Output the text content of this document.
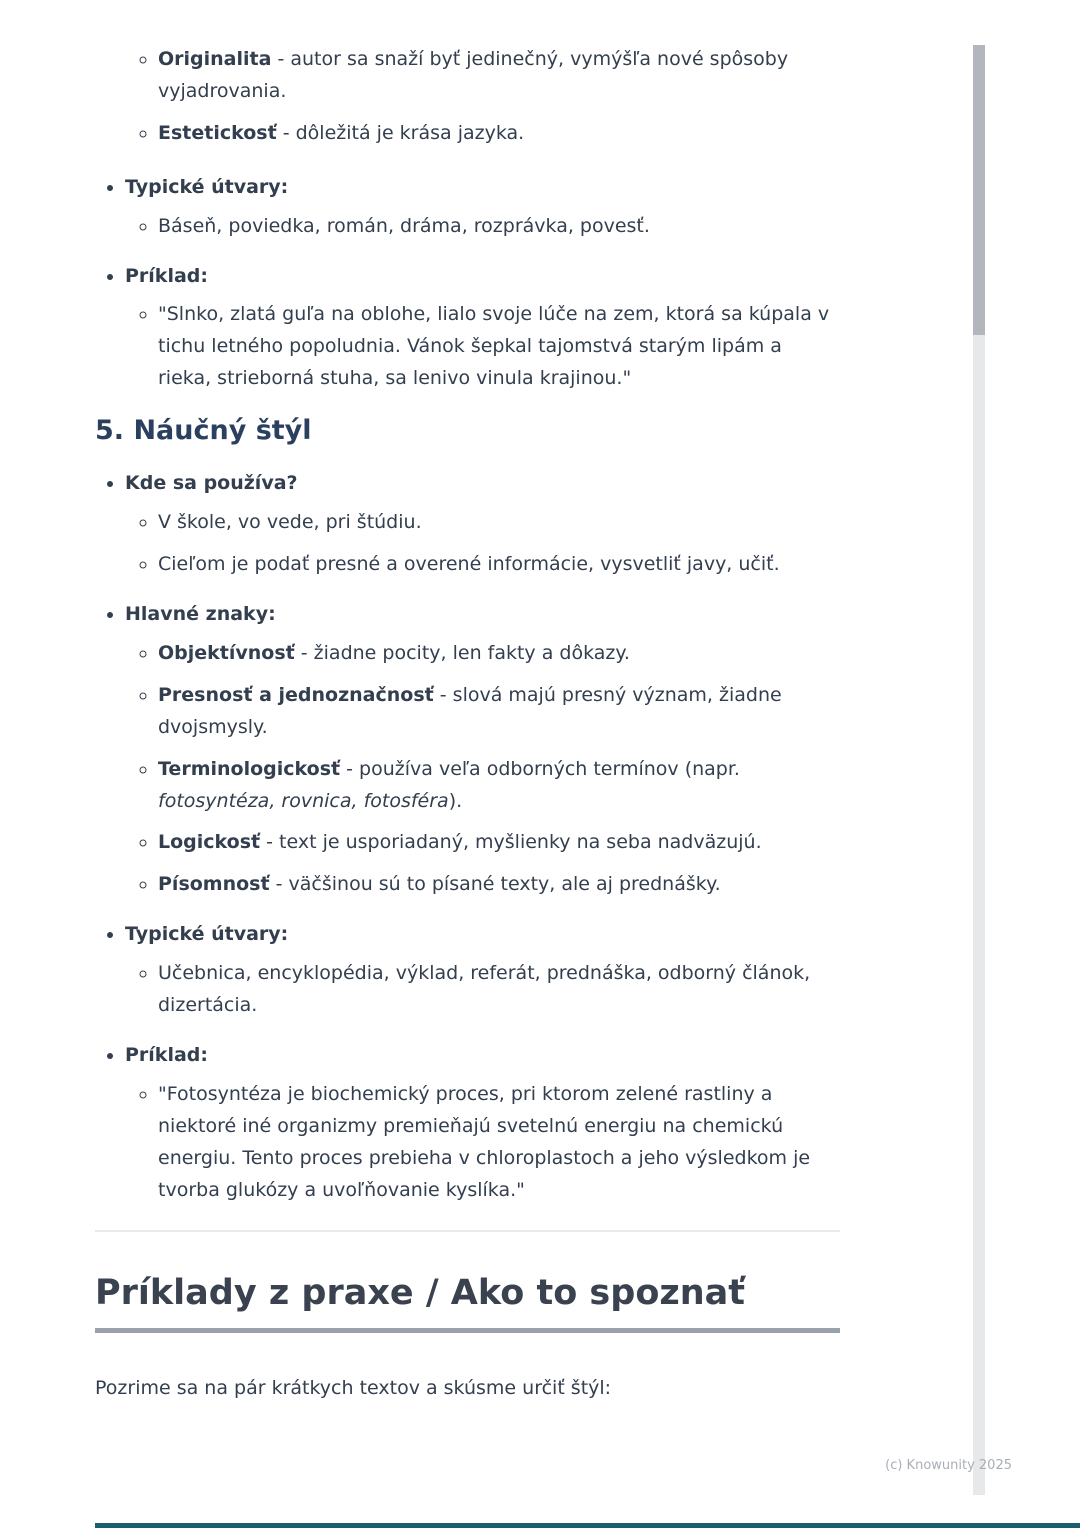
◦ Originalita - autor sa snaží byť jedinečný, vymýšľa nové spôsoby vyjadrovania.
◦ Estetickosť - dôležitá je krása jazyka.
• Typické útvary:
◦ Báseň, poviedka, román, dráma, rozprávka, povesť.
• Príklad:
◦ "Slnko, zlatá guľa na oblohe, lialo svoje lúče na zem, ktorá sa kúpala v tichu letného popoludnia. Vánok šepkal tajomstvá starým lipám a rieka, strieborná stuha, sa lenivo vinula krajinou."
5. Náučný štýl
• Kde sa používa?
◦ V škole, vo vede, pri štúdiu.
◦ Cieľom je podať presné a overené informácie, vysvetliť javy, učiť.
• Hlavné znaky:
◦ Objektívnosť - žiadne pocity, len fakty a dôkazy.
◦ Presnosť a jednoznačnosť - slová majú presný význam, žiadne dvojsmysly.
◦ Terminologickosť - používa veľa odborných termínov (napr. fotosyntéza, rovnica, fotosféra).
◦ Logickosť - text je usporiadaný, myšlienky na seba nadväzujú.
◦ Písomnosť - väčšinou sú to písané texty, ale aj prednášky.
• Typické útvary:
◦ Učebnica, encyklopédia, výklad, referát, prednáška, odborný článok, dizertácia.
• Príklad:
◦ "Fotosyntéza je biochemický proces, pri ktorom zelené rastliny a niektoré iné organizmy premieňajú svetelnú energiu na chemickú energiu. Tento proces prebieha v chloroplastoch a jeho výsledkom je tvorba glukózy a uvoľňovanie kyslíka."
Príklady z praxe / Ako to spoznať

Pozrime sa na pár krátkych textov a skúsme určiť štýl:

(c) Knowunity 2025
